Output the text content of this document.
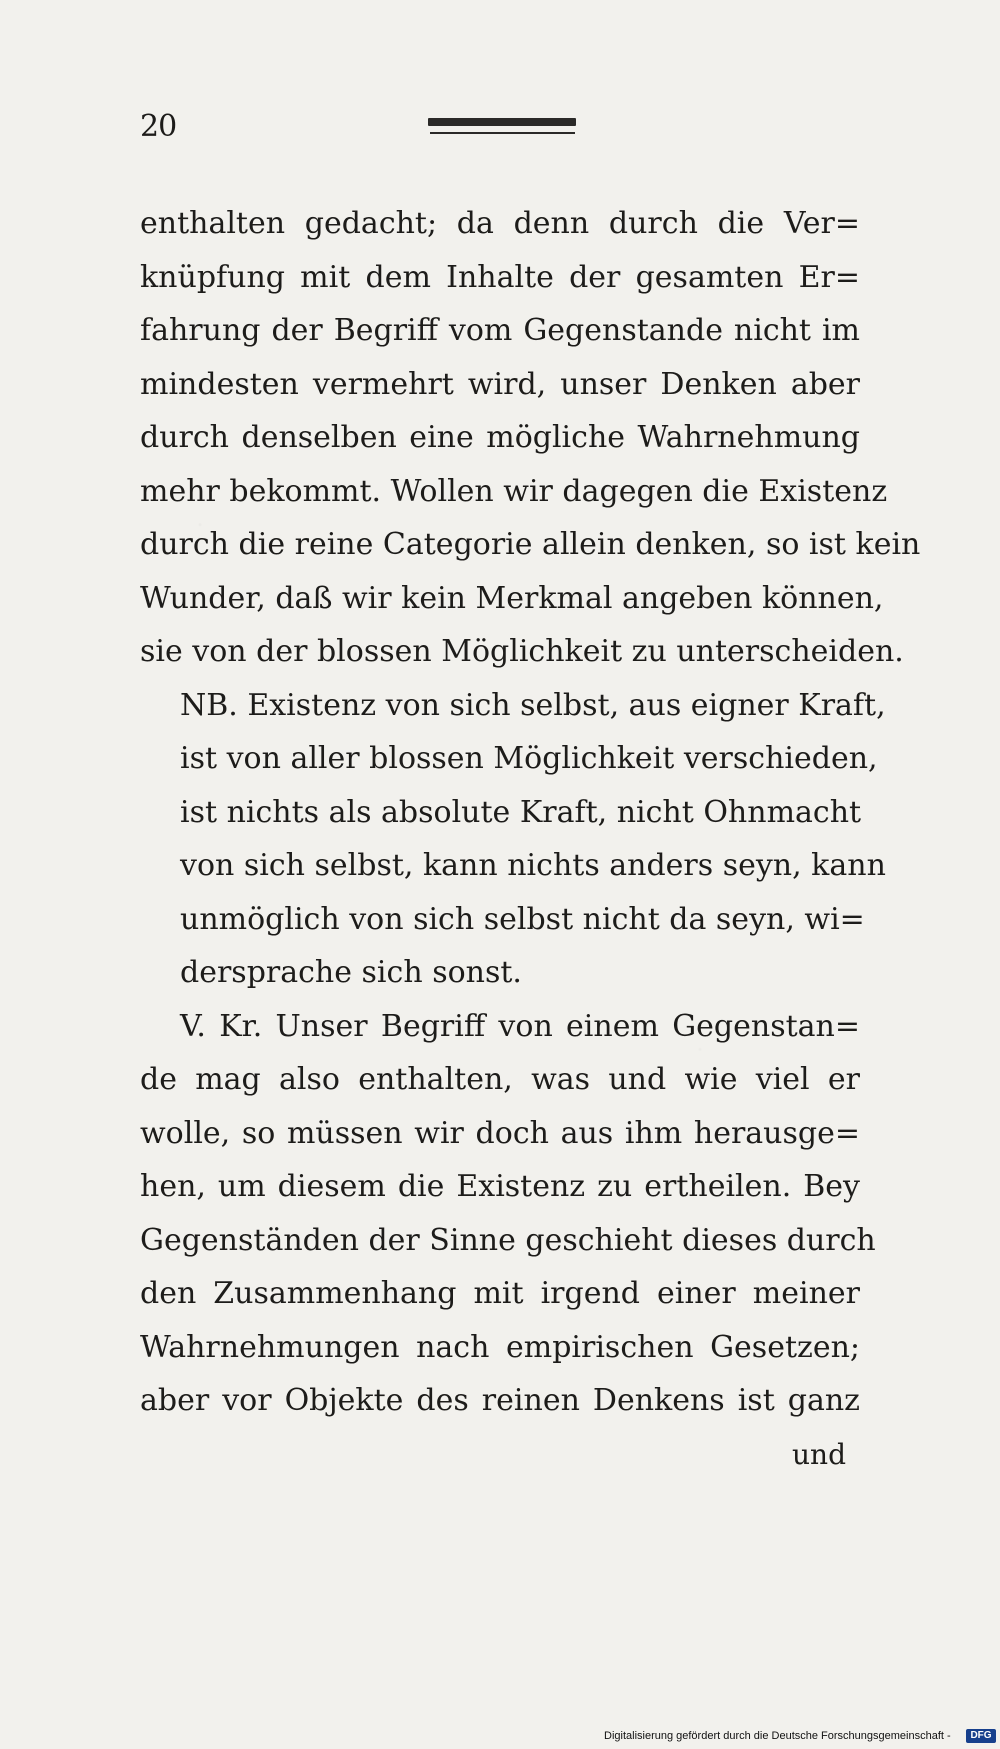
20
enthalten gedacht; da denn durch die Ver=
knüpfung mit dem Inhalte der gesamten Er=
fahrung der Begriff vom Gegenstande nicht im
mindesten vermehrt wird, unser Denken aber
durch denselben eine mögliche Wahrnehmung
mehr bekommt. Wollen wir dagegen die Existenz
durch die reine Categorie allein denken, so ist kein
Wunder, daß wir kein Merkmal angeben können,
sie von der blossen Möglichkeit zu unterscheiden.
NB. Existenz von sich selbst, aus eigner Kraft,
ist von aller blossen Möglichkeit verschieden,
ist nichts als absolute Kraft, nicht Ohnmacht
von sich selbst, kann nichts anders seyn, kann
unmöglich von sich selbst nicht da seyn, wi=
dersprache sich sonst.
V. Kr. Unser Begriff von einem Gegenstan=
de mag also enthalten, was und wie viel er
wolle, so müssen wir doch aus ihm herausge=
hen, um diesem die Existenz zu ertheilen. Bey
Gegenständen der Sinne geschieht dieses durch
den Zusammenhang mit irgend einer meiner
Wahrnehmungen nach empirischen Gesetzen;
aber vor Objekte des reinen Denkens ist ganz
und
Digitalisierung gefördert durch die Deutsche Forschungsgemeinschaft -	DFG
